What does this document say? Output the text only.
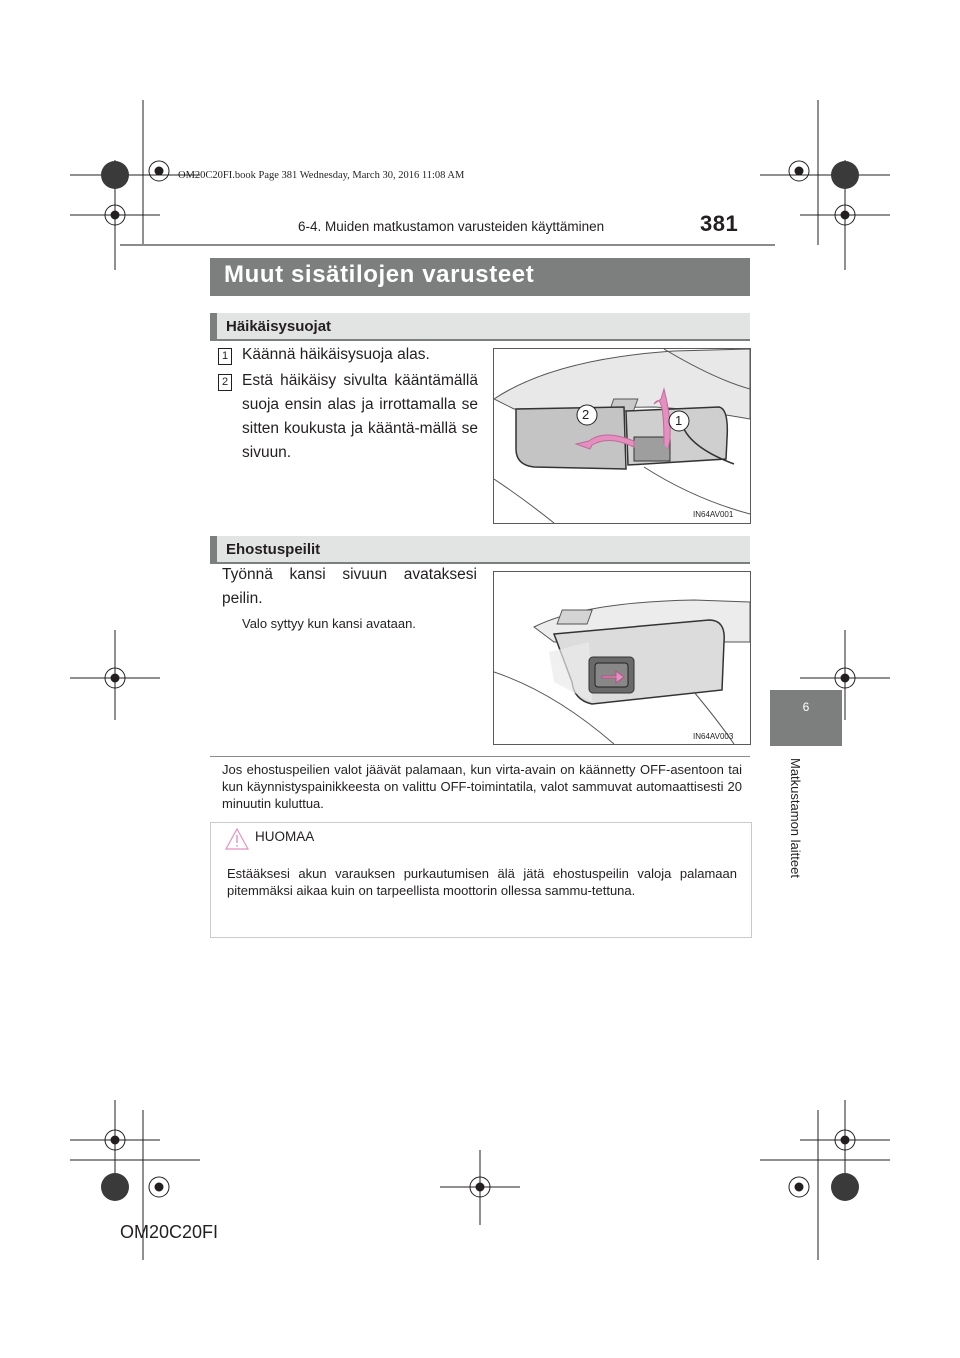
OM20C20FI.book Page 381 Wednesday, March 30, 2016 11:08 AM
6-4. Muiden matkustamon varusteiden käyttäminen	381
6
Matkustamon laitteet
Muut sisätilojen varusteet
Häikäisysuojat
1 Käännä häikäisysuoja alas.
2 Estä häikäisy sivulta kääntämällä suoja ensin alas ja irrottamalla se sitten koukusta ja kääntä-mällä se sivuun.
2	1
IN64AV001
Ehostuspeilit
Työnnä kansi sivuun avataksesi peilin.
Valo syttyy kun kansi avataan.
IN64AV003
Jos ehostuspeilien valot jäävät palamaan, kun virta-avain on käännetty OFF-asentoon tai kun käynnistyspainikkeesta on valittu OFF-toimintatila, valot sammuvat automaattisesti 20 minuutin kuluttua.
HUOMAA
Estääksesi akun varauksen purkautumisen älä jätä ehostuspeilin valoja palamaan pitemmäksi aikaa kuin on tarpeellista moottorin ollessa sammu-tettuna.
OM20C20FI
